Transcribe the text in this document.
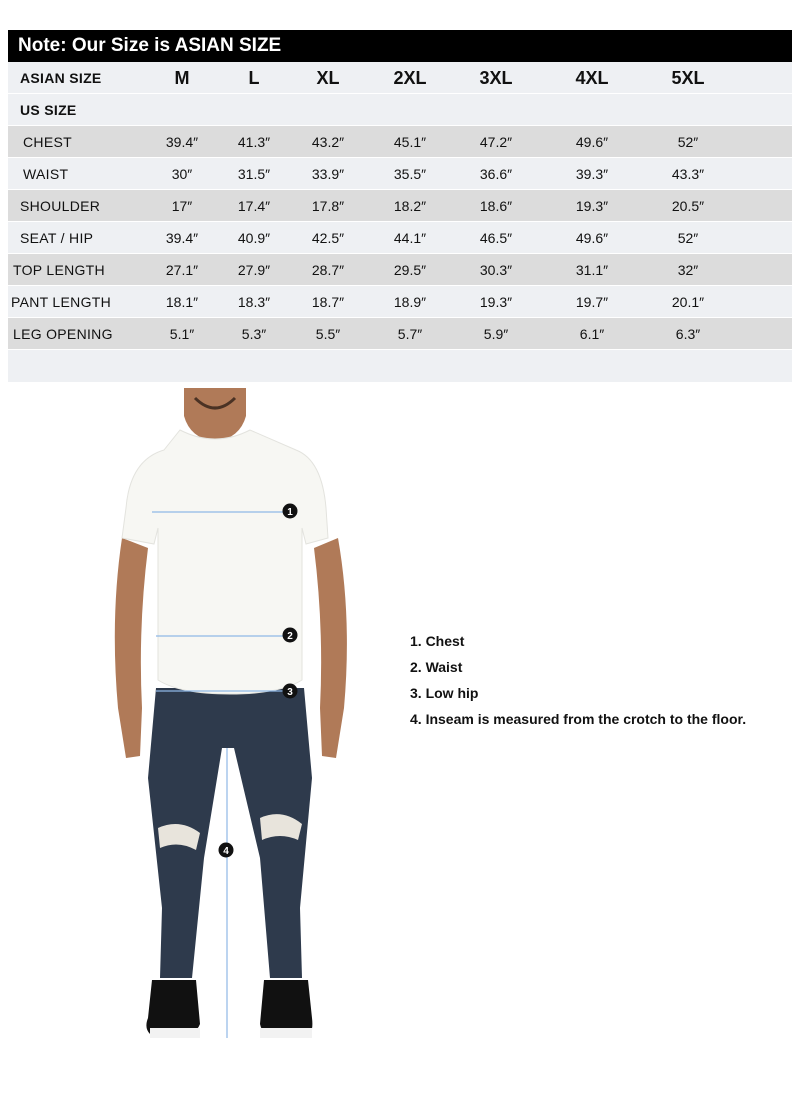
Note: Our Size is ASIAN SIZE
ASIAN SIZE	M	L	XL	2XL	3XL	4XL	5XL
US SIZE
CHEST	39.4″	41.3″	43.2″	45.1″	47.2″	49.6″	52″
WAIST	30″	31.5″	33.9″	35.5″	36.6″	39.3″	43.3″
SHOULDER	17″	17.4″	17.8″	18.2″	18.6″	19.3″	20.5″
SEAT / HIP	39.4″	40.9″	42.5″	44.1″	46.5″	49.6″	52″
TOP LENGTH	27.1″	27.9″	28.7″	29.5″	30.3″	31.1″	32″
PANT LENGTH	18.1″	18.3″	18.7″	18.9″	19.3″	19.7″	20.1″
LEG OPENING	5.1″	5.3″	5.5″	5.7″	5.9″	6.1″	6.3″
1
2
3
4
1. Chest
2. Waist
3. Low hip
4. Inseam is measured from the crotch to the floor.
